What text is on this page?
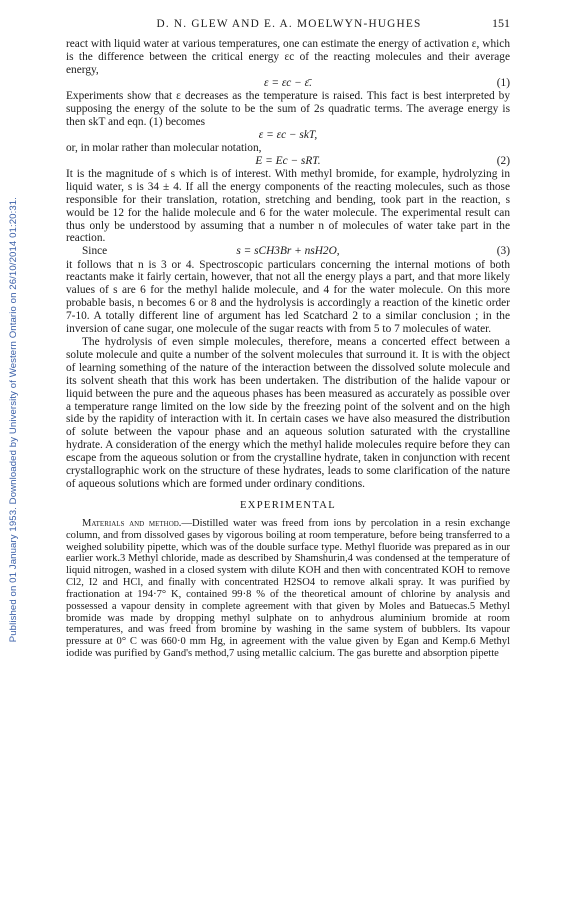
Published on 01 January 1953. Downloaded by University of Western Ontario on 26/10/2014 01:20:31.
D. N. GLEW AND E. A. MOELWYN-HUGHES	151

react with liquid water at various temperatures, one can estimate the energy of activation ε, which is the difference between the critical energy εc of the reacting molecules and their average energy,

ε = εc − ε̄.	(1)

Experiments show that ε decreases as the temperature is raised. This fact is best interpreted by supposing the energy of the solute to be the sum of 2s quadratic terms. The average energy is then skT and eqn. (1) becomes

ε = εc − skT,

or, in molar rather than molecular notation,

E = Ec − sRT.	(2)

It is the magnitude of s which is of interest. With methyl bromide, for example, hydrolyzing in liquid water, s is 34 ± 4. If all the energy components of the reacting molecules, such as those responsible for their translation, rotation, stretching and bending, took part in the reaction, s would be 12 for the halide molecule and 6 for the water molecule. The experimental result can thus only be understood by assuming that a number n of molecules of water take part in the reaction.

Since	s = sCH3Br + nsH2O,	(3)

it follows that n is 3 or 4. Spectroscopic particulars concerning the internal motions of both reactants make it fairly certain, however, that not all the energy plays a part, and that more likely values of s are 6 for the methyl halide molecule, and 4 for the water molecule. On this more probable basis, n becomes 6 or 8 and the hydrolysis is accordingly a reaction of the kinetic order 7-10. A totally different line of argument has led Scatchard 2 to a similar conclusion ; in the inversion of cane sugar, one molecule of the sugar reacts with from 5 to 7 molecules of water.

The hydrolysis of even simple molecules, therefore, means a concerted effect between a solute molecule and quite a number of the solvent molecules that surround it. It is with the object of learning something of the nature of the interaction between the dissolved solute molecule and its solvent sheath that this work has been undertaken. The distribution of the halide vapour or liquid between the pure and the aqueous phases has been measured as accurately as possible over a temperature range limited on the low side by the freezing point of the solvent and on the high side by the rapidity of interaction with it. In certain cases we have also measured the distribution of solute between the vapour phase and an aqueous solution saturated with the crystalline hydrate. A consideration of the energy which the methyl halide molecules require before they can escape from the aqueous solution or from the crystalline hydrate, taken in conjunction with recent crystallographic work on the structure of these hydrates, leads to some clarification of the nature of aqueous solutions which are formed under ordinary conditions.

EXPERIMENTAL

Materials and method.—Distilled water was freed from ions by percolation in a resin exchange column, and from dissolved gases by vigorous boiling at room temperature, before being transferred to a weighed solubility pipette, which was of the double surface type. Methyl fluoride was prepared as in our earlier work.3 Methyl chloride, made as described by Shamshurin,4 was condensed at the temperature of liquid nitrogen, washed in a closed system with dilute KOH and then with concentrated KOH to remove Cl2, I2 and HCl, and finally with concentrated H2SO4 to remove alkali spray. It was purified by fractionation at 194·7° K, contained 99·8 % of the theoretical amount of chlorine by analysis and possessed a vapour density in complete agreement with that given by Moles and Batuecas.5 Methyl bromide was made by dropping methyl sulphate on to anhydrous aluminium bromide at room temperatures, and was freed from bromine by washing in the same system of bubblers. Its vapour pressure at 0° C was 660·0 mm Hg, in agreement with the value given by Egan and Kemp.6 Methyl iodide was purified by Gand's method,7 using metallic calcium. The gas burette and absorption pipette
